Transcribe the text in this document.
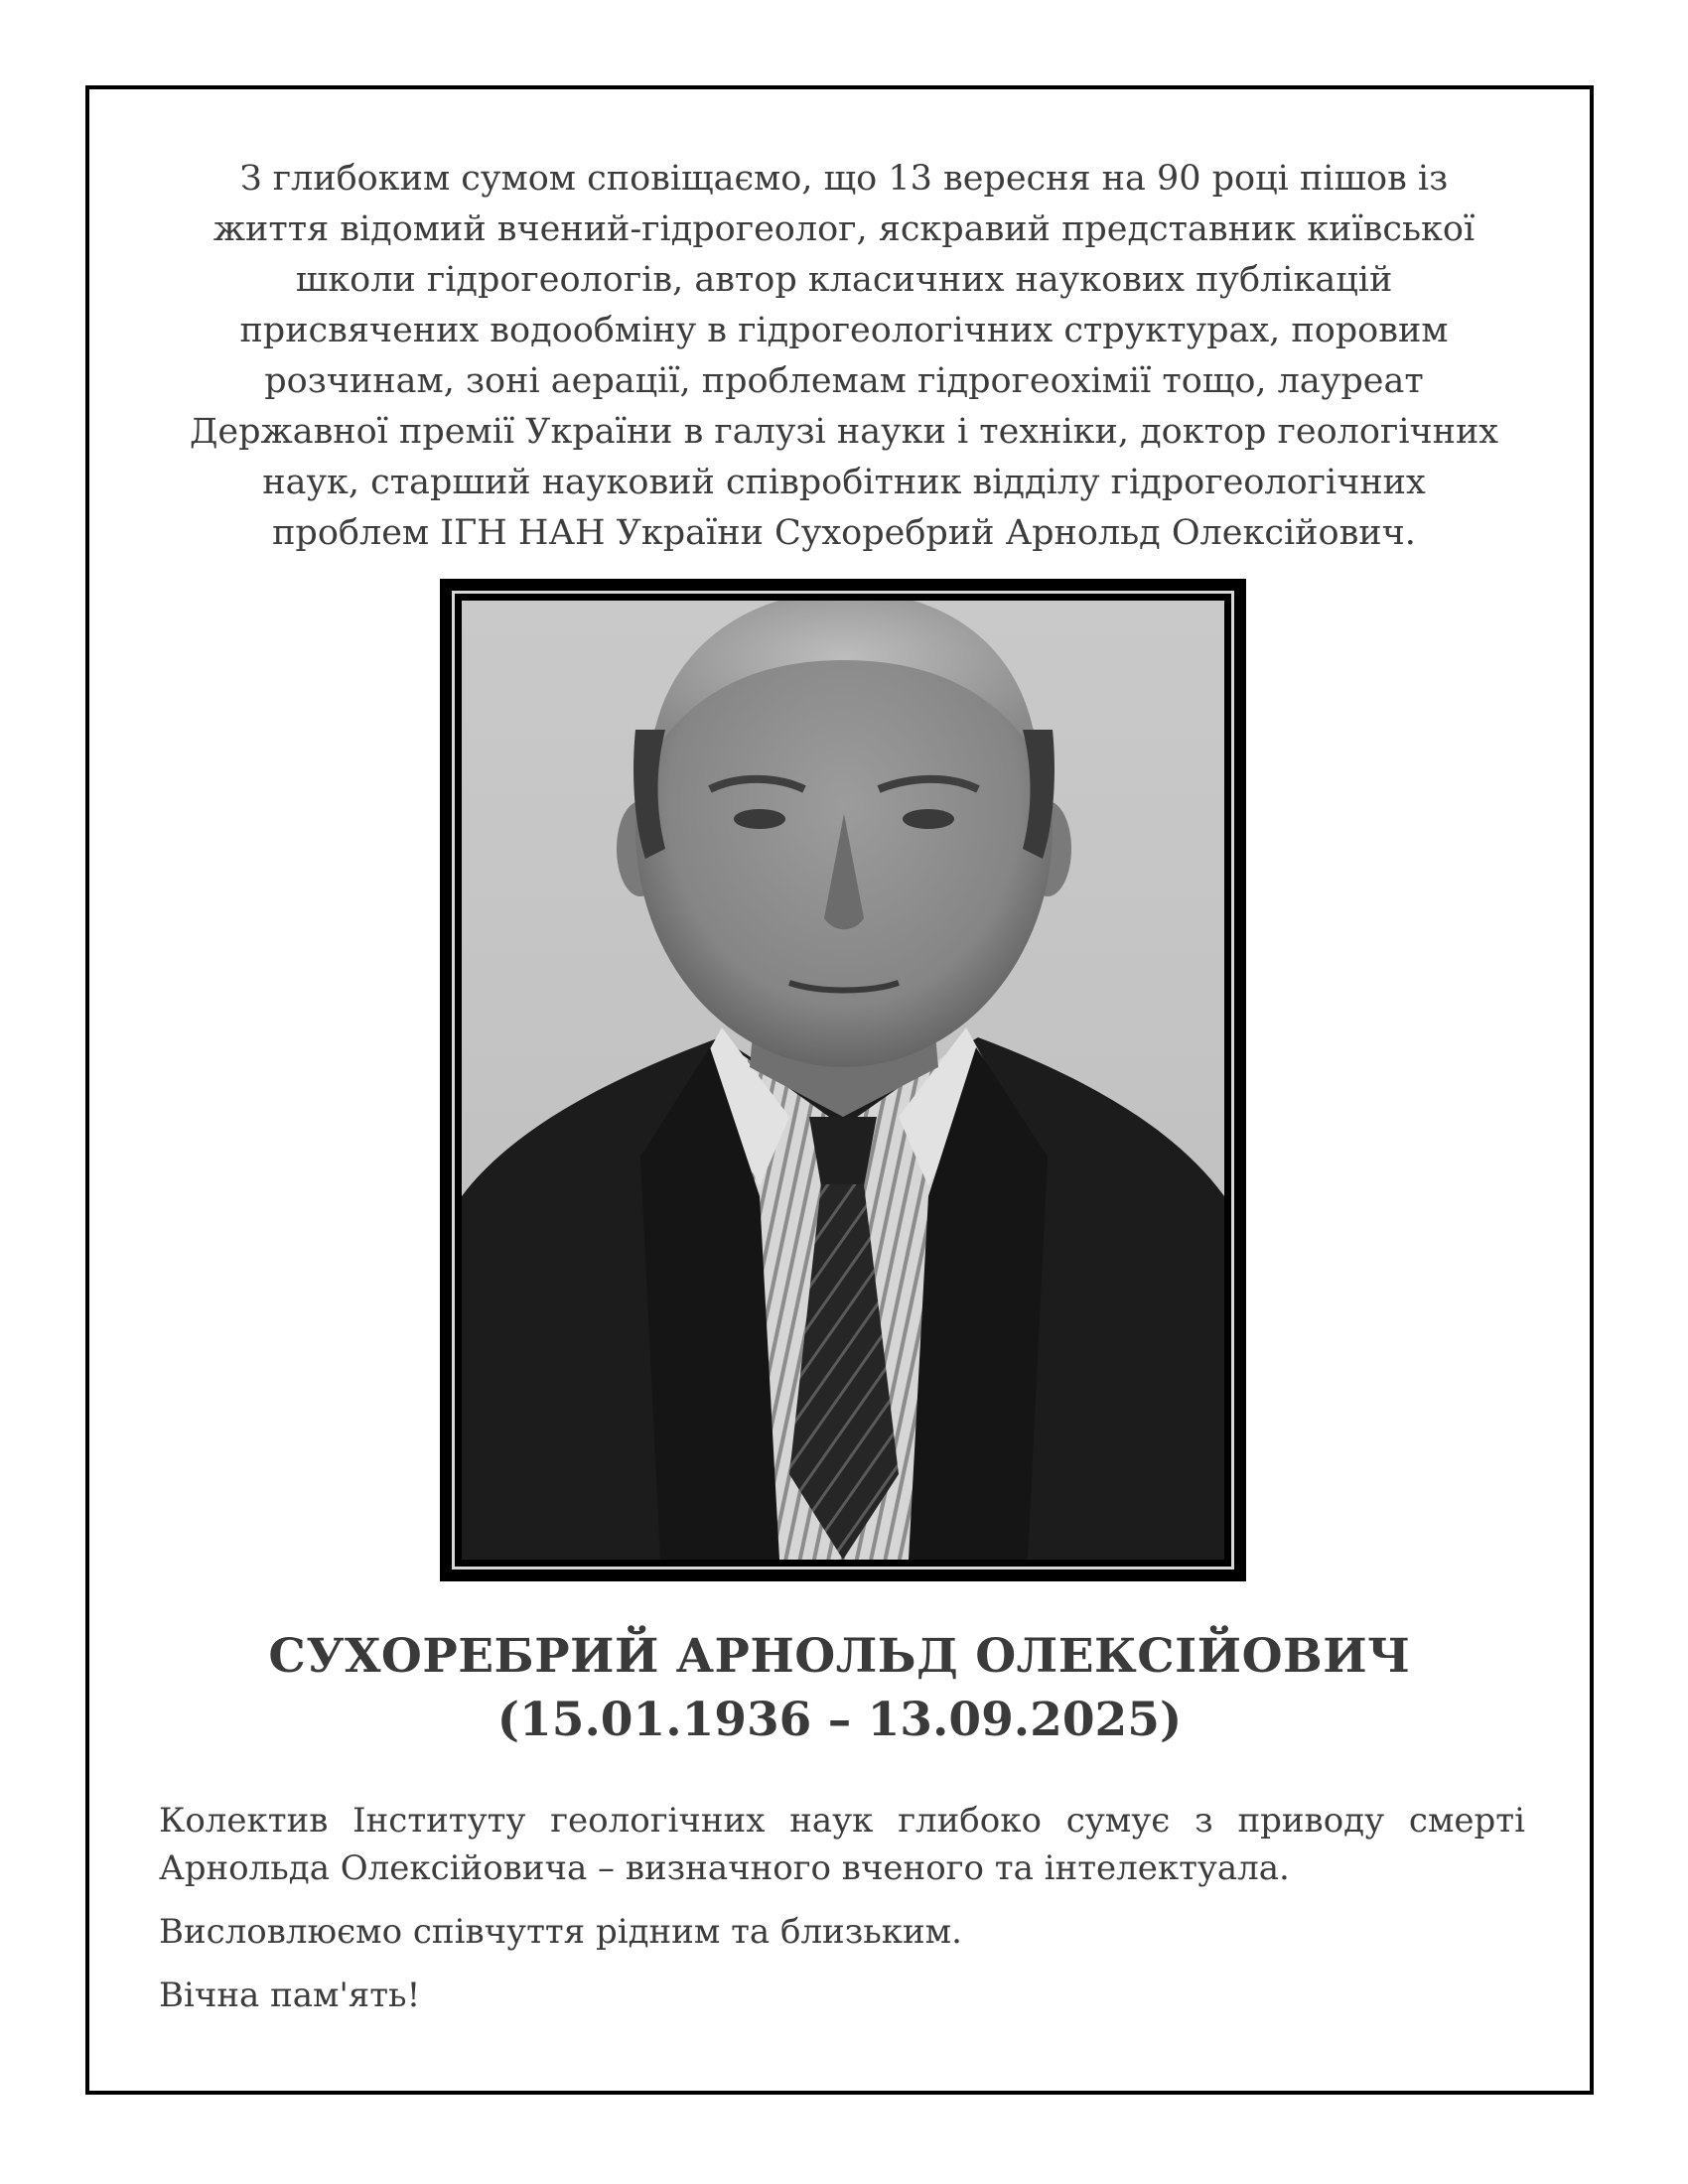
З глибоким сумом сповіщаємо, що 13 вересня на 90 році пішов із
життя відомий вчений-гідрогеолог, яскравий представник київської
школи гідрогеологів, автор класичних наукових публікацій
присвячених водообміну в гідрогеологічних структурах, поровим
розчинам, зоні аерації, проблемам гідрогеохімії тощо, лауреат
Державної премії України в галузі науки і техніки, доктор геологічних
наук, старший науковий співробітник відділу гідрогеологічних
проблем ІГН НАН України Сухоребрий Арнольд Олексійович.
СУХОРЕБРИЙ АРНОЛЬД ОЛЕКСІЙОВИЧ
(15.01.1936 – 13.09.2025)

Колектив Інституту геологічних наук глибоко сумує з приводу смерті
Арнольда Олексійовича – визначного вченого та інтелектуала.

Висловлюємо співчуття рідним та близьким.

Вічна пам'ять!
